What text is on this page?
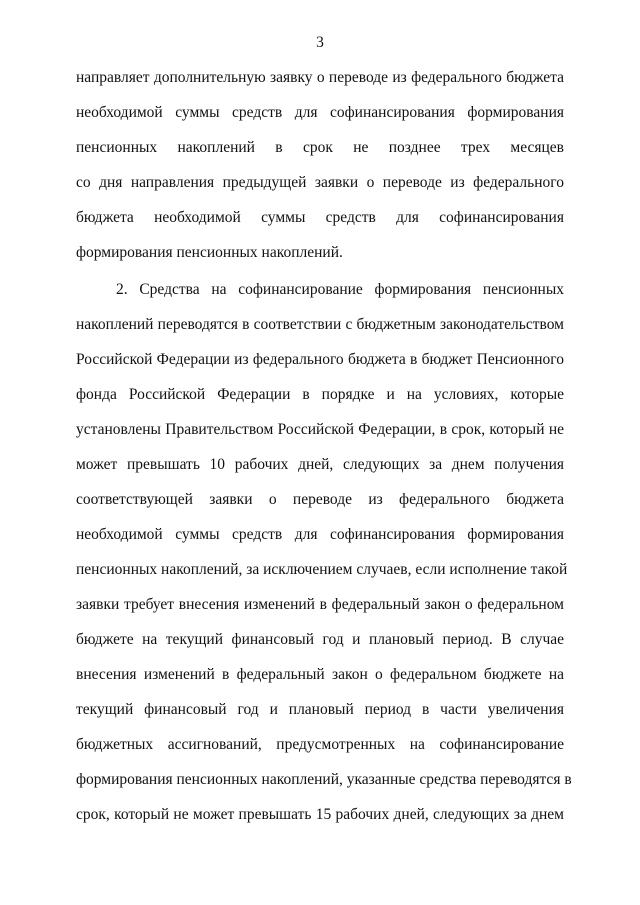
3
направляет дополнительную заявку о переводе из федерального бюджета
необходимой суммы средств для софинансирования формирования
пенсионных накоплений в срок не позднее трех месяцев
со дня направления предыдущей заявки о переводе из федерального
бюджета необходимой суммы средств для софинансирования
формирования пенсионных накоплений.
2. Средства на софинансирование формирования пенсионных
накоплений переводятся в соответствии с бюджетным законодательством
Российской Федерации из федерального бюджета в бюджет Пенсионного
фонда Российской Федерации в порядке и на условиях, которые
установлены Правительством Российской Федерации, в срок, который не
может превышать 10 рабочих дней, следующих за днем получения
соответствующей заявки о переводе из федерального бюджета
необходимой суммы средств для софинансирования формирования
пенсионных накоплений, за исключением случаев, если исполнение такой
заявки требует внесения изменений в федеральный закон о федеральном
бюджете на текущий финансовый год и плановый период. В случае
внесения изменений в федеральный закон о федеральном бюджете на
текущий финансовый год и плановый период в части увеличения
бюджетных ассигнований, предусмотренных на софинансирование
формирования пенсионных накоплений, указанные средства переводятся в
срок, который не может превышать 15 рабочих дней, следующих за днем
